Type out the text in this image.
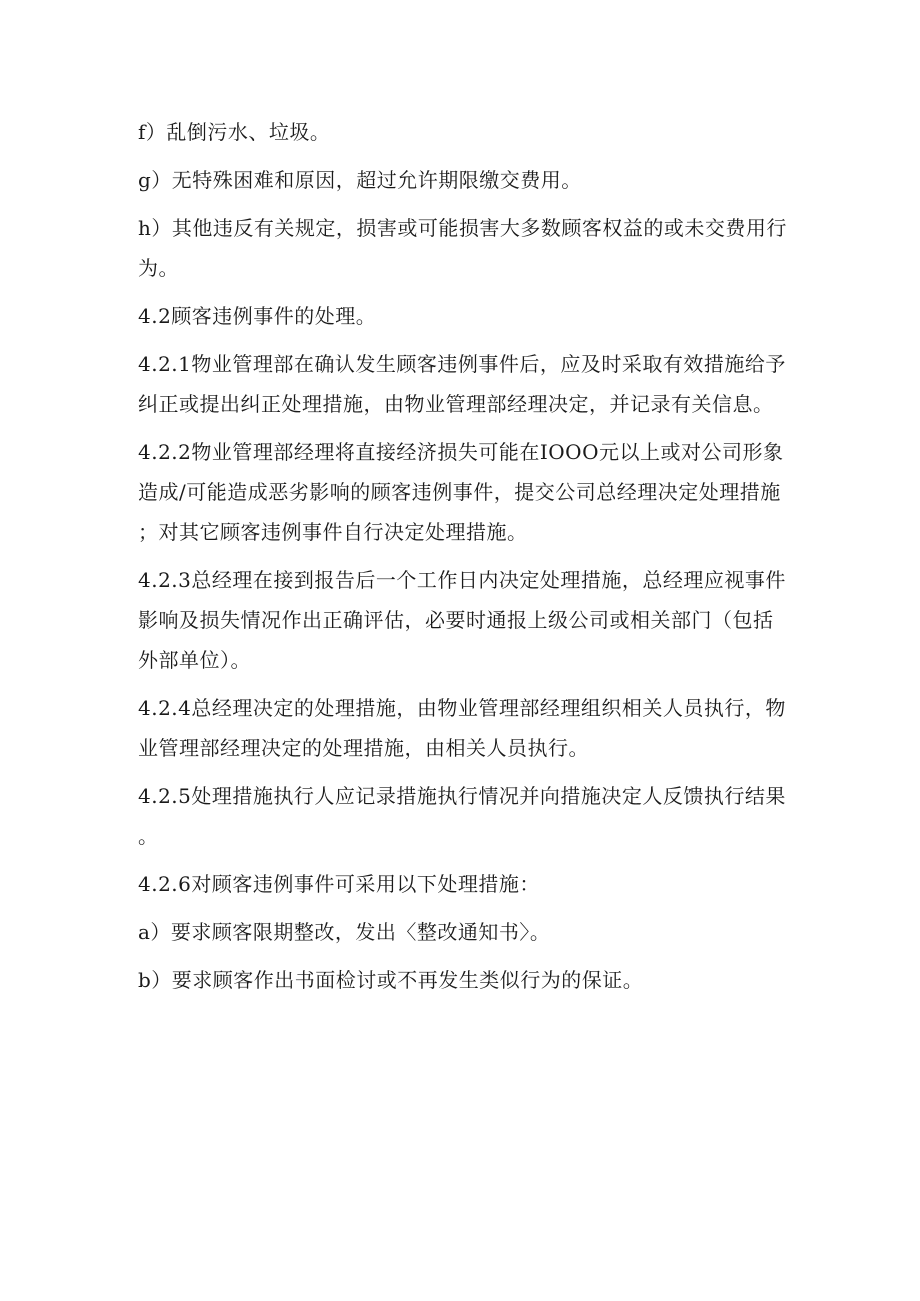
f）乱倒污水、垃圾。

g）无特殊困难和原因，超过允许期限缴交费用。

h）其他违反有关规定，损害或可能损害大多数顾客权益的或未交费用行为。

4.2顾客违例事件的处理。

4.2.1物业管理部在确认发生顾客违例事件后，应及时采取有效措施给予纠正或提出纠正处理措施，由物业管理部经理决定，并记录有关信息。

4.2.2物业管理部经理将直接经济损失可能在IOOO元以上或对公司形象造成/可能造成恶劣影响的顾客违例事件，提交公司总经理决定处理措施；对其它顾客违例事件自行决定处理措施。

4.2.3总经理在接到报告后一个工作日内决定处理措施，总经理应视事件影响及损失情况作出正确评估，必要时通报上级公司或相关部门（包括外部单位）。

4.2.4总经理决定的处理措施，由物业管理部经理组织相关人员执行，物业管理部经理决定的处理措施，由相关人员执行。

4.2.5处理措施执行人应记录措施执行情况并向措施决定人反馈执行结果。

4.2.6对顾客违例事件可采用以下处理措施：

a）要求顾客限期整改，发出〈整改通知书〉。

b）要求顾客作出书面检讨或不再发生类似行为的保证。
